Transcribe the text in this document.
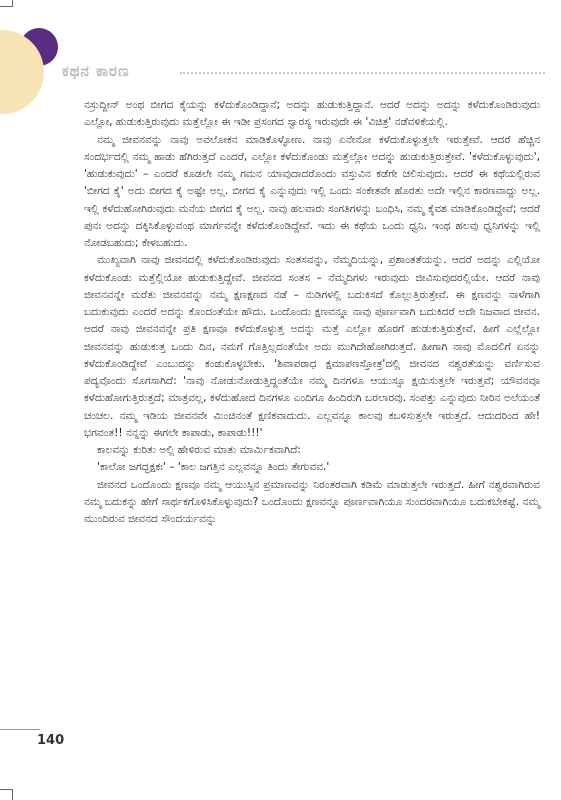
ಕಥನ ಕಾರಣ

ನಸ್ರುದ್ದೀನ್ ಅಂಥ ಬೀಗದ ಕೈಯನ್ನು ಕಳೆದುಕೊಂಡಿದ್ದಾನೆ; ಅದನ್ನು ಹುಡುಕುತ್ತಿದ್ದಾನೆ. ಆದರೆ ಅದನ್ನು ಅದನ್ನು ಕಳೆದುಕೊಂಡಿರುವುದು ಎಲ್ಲೋ, ಹುಡುಕುತ್ತಿರುವುದು ಮತ್ತೆಲ್ಲೋ ಈ ಇಡೀ ಪ್ರಸಂಗದ ಸ್ವಾರಸ್ಯ ಇರುವುದೇ ಈ 'ವಿಚಿತ್ರ' ನಡೆವಳಿಕೆಯಲ್ಲಿ.

ನಮ್ಮ ಜೀವನವನ್ನು ನಾವು ಅವಲೋಕನ ಮಾಡಿಕೊಳ್ಳೋಣ. ನಾವು ಏನೇನೋ ಕಳೆದುಕೊಳ್ಳುತ್ತಲೇ ಇರುತ್ತೇವೆ. ಆದರೆ ಹೆಚ್ಚಿನ ಸಂದರ್ಭದಲ್ಲಿ ನಮ್ಮ ಹಾಡು ಹೆಗಿರುತ್ತದೆ ಎಂದರೆ, ಎಲ್ಲೋ ಕಳೆದುಕೊಂಡು ಮತ್ತೆಲ್ಲೋ ಅದನ್ನು ಹುಡುಕುತ್ತಿರುತ್ತೇವೆ. 'ಕಳೆದುಕೊಳ್ಳುವುದು', 'ಹುಡುಕುವುದು' – ಎಂದರೆ ಕೂಡಲೇ ನಮ್ಮ ಗಮನ ಯಾವುದಾದರೊಂದು ವಸ್ತುವಿನ ಕಡೆಗೇ ಚಲಿಸುವುದು. ಆದರೆ ಈ ಕಥೆಯಲ್ಲಿರುವ 'ಬೀಗದ ಕೈ' ಅದು ಬೀಗದ ಕೈ ಅಷ್ಟೇ ಅಲ್ಲ. ಬೀಗದ ಕೈ ಎನ್ನುವುದು ಇಲ್ಲಿ ಒಂದು ಸಂಕೇತವೇ ಹೊರತು ಅದೇ ಇಲ್ಲಿನ ಕಾರಣವಾದ್ದು ಅಲ್ಲ. ಇಲ್ಲಿ ಕಳೆದುಹೋಗಿರುವುದು ಮನೆಯ ಬೀಗದ ಕೈ ಅಲ್ಲ. ನಾವು ಹಲವಾರು ಸಂಗತಿಗಳನ್ನು ಬಂಧಿಸಿ, ನಮ್ಮ ಕೈವಶ ಮಾಡಿಕೊಂಡಿದ್ದೇವೆ; ಆದರೆ ಪುನಃ ಅದನ್ನು ದಕ್ಕಿಸಿಕೊಳ್ಳುವಂಥ ಮಾರ್ಗವನ್ನೇ ಕಳೆದುಕೊಂಡಿದ್ದೇವೆ. ಇದು ಈ ಕಥೆಯ ಒಂದು ಧ್ವನಿ. ಇಂಥ ಹಲವು ಧ್ವನಿಗಳನ್ನು ಇಲ್ಲಿ ನೋಡಬಹುದು; ಕೇಳಬಹುದು.

ಮುಖ್ಯವಾಗಿ ನಾವು ಜೀವನದಲ್ಲಿ ಕಳೆದುಕೊಂಡಿರುವುದು ಸಂತಸವನ್ನು, ನೆಮ್ಮದಿಯನ್ನು, ಪ್ರಶಾಂತತೆಯನ್ನು. ಆದರೆ ಅದನ್ನು ಎಲ್ಲಿಯೋ ಕಳೆದುಕೊಂಡು ಮತ್ತೆಲ್ಲಿಯೋ ಹುಡುಕುತ್ತಿದ್ದೇವೆ. ಜೀವನದ ಸಂತಸ – ನೆಮ್ಮದಿಗಳು ಇರುವುದು ಜೀವಿಸುವುದರಲ್ಲಿಯೇ. ಆದರೆ ನಾವು ಜೀವನವನ್ನೇ ಮರೆತು ಜೀವನವನ್ನು ನಮ್ಮ ಕ್ಷಣಕ್ಷಣದ ನಡೆ – ನುಡಿಗಳಲ್ಲಿ ಬದುಕಿಸದೆ ಕೊಲ್ಲುತ್ತಿರುತ್ತೇವೆ. ಈ ಕ್ಷಣವನ್ನು ನಾಳೆಗಾಗಿ ಬದುಕುವುದು ಎಂದರೆ ಅದನ್ನು ಕೊಂದಂತೆಯೇ ಹೌದು. ಒಂದೊಂದು ಕ್ಷಣವನ್ನೂ ನಾವು ಪೂರ್ಣವಾಗಿ ಬದುಕಿದರೆ ಅದೇ ನಿಜವಾದ ಜೀವನ. ಆದರೆ ನಾವು ಜೀವನವನ್ನೇ ಪ್ರತಿ ಕ್ಷಣವೂ ಕಳೆದುಕೊಳ್ಳುತ್ತ ಅದನ್ನು ಮತ್ತೆ ಎಲ್ಲೋ ಹೊರಗೆ ಹುಡುಕುತ್ತಿರುತ್ತೇವೆ. ಹೀಗೆ ಎಲ್ಲೆಲ್ಲೋ ಜೀವನವನ್ನು ಹುಡುಕುತ್ತ ಒಂದು ದಿನ, ನಮಗೆ ಗೊತ್ತಿಲ್ಲದಂತೆಯೇ ಅದು ಮುಗಿದೇಹೋಗಿರುತ್ತದೆ. ಹೀಗಾಗಿ ನಾವು ಮೊದಲಿಗೆ ಏನನ್ನು ಕಳೆದುಕೊಂಡಿದ್ದೇವೆ ಎಂಬುದನ್ನು ಕಂಡುಕೊಳ್ಳಬೇಕು. 'ಶಿವಾಪರಾಧ ಕ್ಷಮಾಪಣಸ್ತೋತ್ರ'ದಲ್ಲಿ ಜೀವನದ ನಶ್ವರತೆಯನ್ನು ವರ್ಣಿಸುವ ಪದ್ಯವೊಂದು ಸೊಗಸಾಗಿದೆ: 'ನಾವು ನೋಡುನೋಡುತ್ತಿದ್ದಂತೆಯೇ ನಮ್ಮ ದಿನಗಳೂ ಆಯುಸ್ಸೂ ಕ್ಷಯಿಸುತ್ತಲೇ ಇರುತ್ತವೆ; ಯೌವನವೂ ಕಳೆದುಹೋಗುತ್ತಿರುತ್ತದೆ; ಮಾತ್ರವಲ್ಲ, ಕಳೆದುಹೋದ ದಿನಗಳೂ ಎಂದಿಗೂ ಹಿಂದಿರುಗಿ ಬರಲಾರವು. ಸಂಪತ್ತು ಎನ್ನುವುದು ನೀರಿನ ಅಲೆಯಂತೆ ಚಂಚಲ. ನಮ್ಮ ಇಡಿಯ ಜೀವನವೇ ಮಿಂಚಿನಂತೆ ಕ್ಷಣಿಕವಾದುದು. ಎಲ್ಲವನ್ನೂ ಕಾಲವು ಕಬಳಿಸುತ್ತಲೇ ಇರುತ್ತದೆ. ಆದುದರಿಂದ ಹೇ! ಭಗವಂತ!! ನನ್ನನ್ನು ಈಗಲೇ ಕಾಪಾಡು, ಕಾಪಾಡು!!!'

ಕಾಲವನ್ನು ಕುರಿತು ಅಲ್ಲಿ ಹೇಳಿರುವ ಮಾತು ಮಾರ್ಮಿಕವಾಗಿದೆ:

'ಕಾಲೋ ಜಗದ್ಭಕ್ಷಕಃ' – 'ಕಾಲ ಜಗತ್ತಿನ ಎಲ್ಲವನ್ನೂ ತಿಂದು ತೇಗುವವ.'

ಜೀವನದ ಒಂದೊಂದು ಕ್ಷಣವೂ ನಮ್ಮ ಆಯುಸ್ಸಿನ ಪ್ರಮಾಣವನ್ನು ನಿರಂತರವಾಗಿ ಕಡಿಮೆ ಮಾಡುತ್ತಲೇ ಇರುತ್ತದೆ. ಹೀಗೆ ನಶ್ವರವಾಗಿರುವ ನಮ್ಮ ಬದುಕನ್ನು ಹೇಗೆ ಸಾರ್ಥಕಗೊಳಿಸಿಕೊಳ್ಳುವುದು? ಒಂದೊಂದು ಕ್ಷಣವನ್ನೂ ಪೂರ್ಣವಾಗಿಯೂ ಸುಂದರವಾಗಿಯೂ ಬದುಕಬೇಕಷ್ಟೆ. ನಮ್ಮ ಮುಂದಿರುವ ಜೀವನದ ಸೌಂದರ್ಯವನ್ನು

140
